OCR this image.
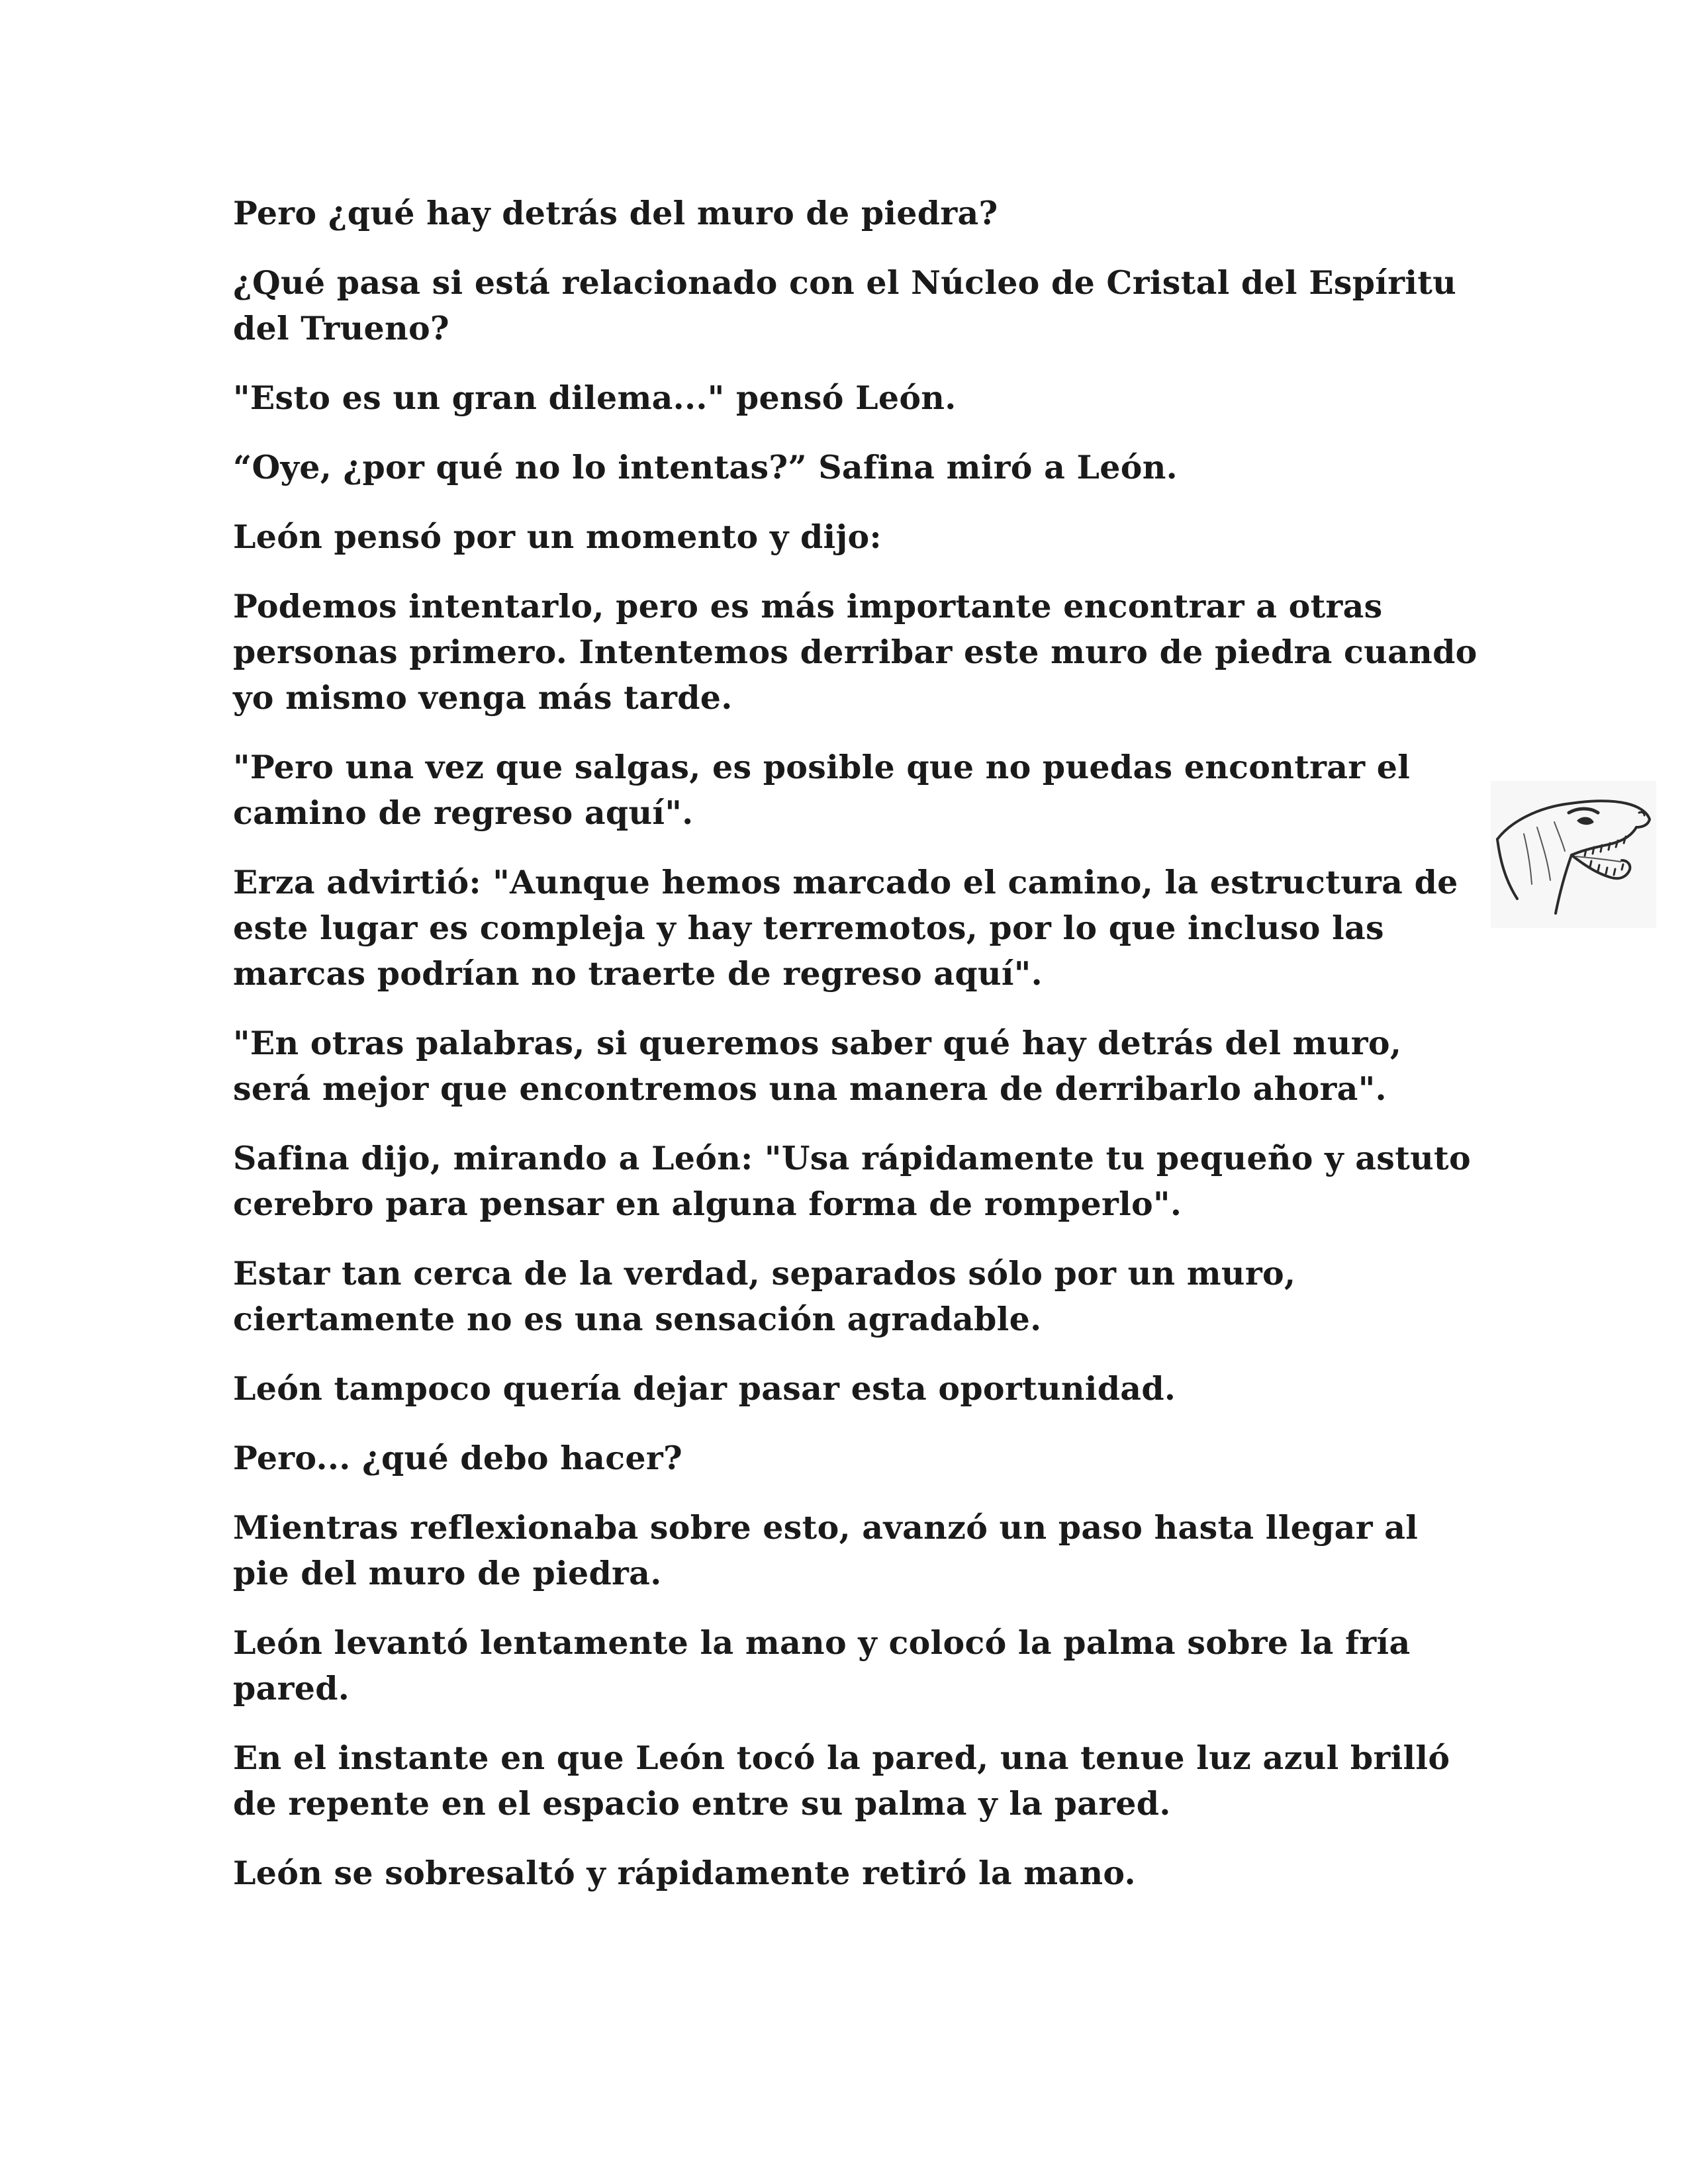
Pero ¿qué hay detrás del muro de piedra?

¿Qué pasa si está relacionado con el Núcleo de Cristal del Espíritu del Trueno?

"Esto es un gran dilema..." pensó León.

“Oye, ¿por qué no lo intentas?” Safina miró a León.

León pensó por un momento y dijo:

Podemos intentarlo, pero es más importante encontrar a otras personas primero. Intentemos derribar este muro de piedra cuando yo mismo venga más tarde.

"Pero una vez que salgas, es posible que no puedas encontrar el camino de regreso aquí".

Erza advirtió: "Aunque hemos marcado el camino, la estructura de este lugar es compleja y hay terremotos, por lo que incluso las marcas podrían no traerte de regreso aquí".

"En otras palabras, si queremos saber qué hay detrás del muro, será mejor que encontremos una manera de derribarlo ahora".

Safina dijo, mirando a León: "Usa rápidamente tu pequeño y astuto cerebro para pensar en alguna forma de romperlo".

Estar tan cerca de la verdad, separados sólo por un muro, ciertamente no es una sensación agradable.

León tampoco quería dejar pasar esta oportunidad.

Pero... ¿qué debo hacer?

Mientras reflexionaba sobre esto, avanzó un paso hasta llegar al pie del muro de piedra.

León levantó lentamente la mano y colocó la palma sobre la fría pared.

En el instante en que León tocó la pared, una tenue luz azul brilló de repente en el espacio entre su palma y la pared.

León se sobresaltó y rápidamente retiró la mano.
